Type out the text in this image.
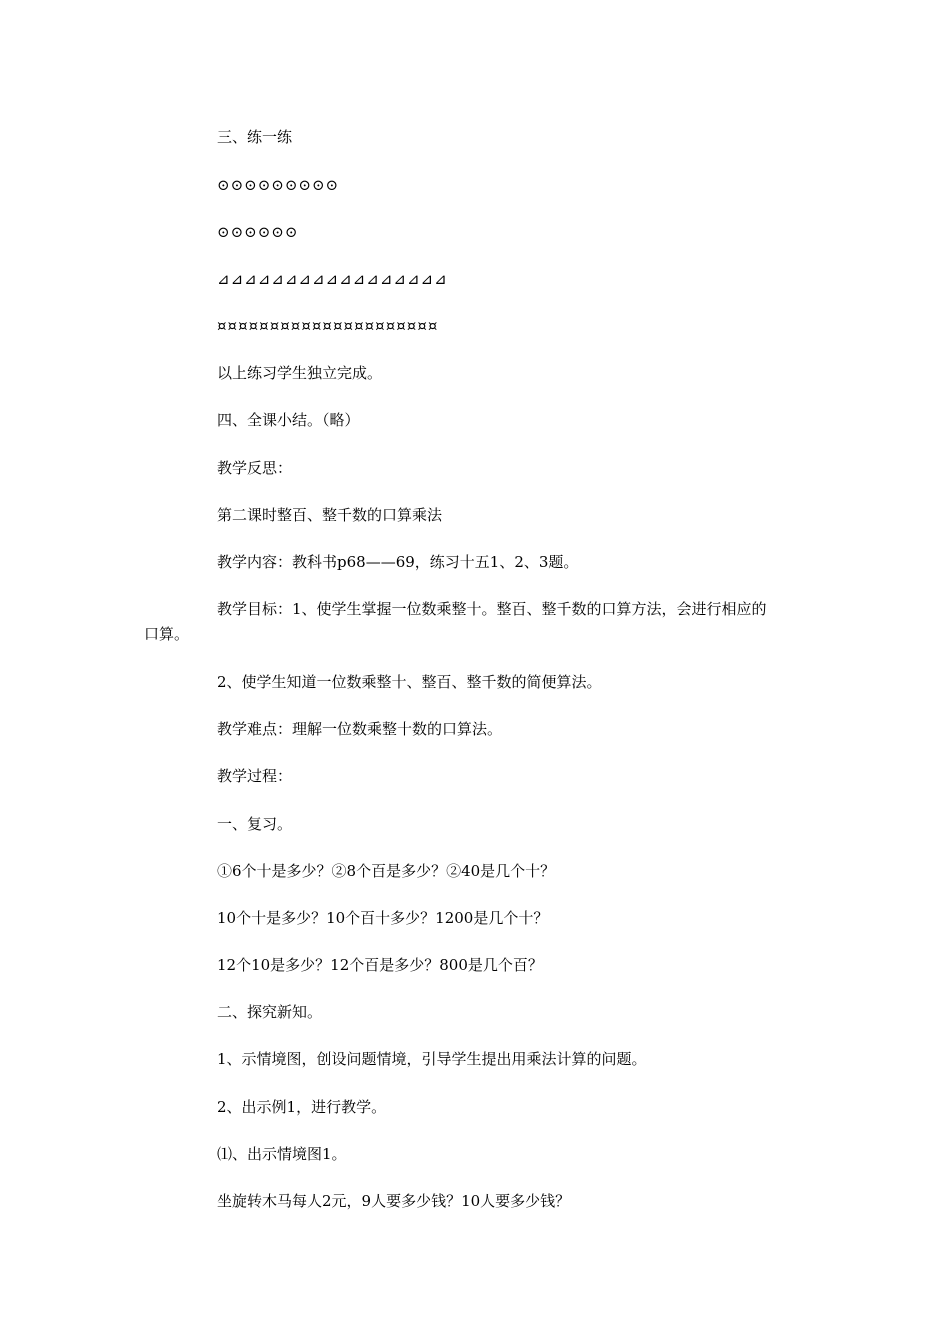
三、练一练
⊙⊙⊙⊙⊙⊙⊙⊙⊙
⊙⊙⊙⊙⊙⊙
⊿⊿⊿⊿⊿⊿⊿⊿⊿⊿⊿⊿⊿⊿⊿⊿⊿
¤¤¤¤¤¤¤¤¤¤¤¤¤¤¤¤¤¤¤¤¤
以上练习学生独立完成。
四、全课小结。（略）
教学反思：
第二课时整百、整千数的口算乘法
教学内容：教科书p68——69，练习十五1、2、3题。
教学目标：1、使学生掌握一位数乘整十。整百、整千数的口算方法，会进行相应的
口算。
2、使学生知道一位数乘整十、整百、整千数的简便算法。
教学难点：理解一位数乘整十数的口算法。
教学过程：
一、复习。
①6个十是多少？②8个百是多少？②40是几个十？
10个十是多少？10个百十多少？1200是几个十？
12个10是多少？12个百是多少？800是几个百？
二、探究新知。
1、示情境图，创设问题情境，引导学生提出用乘法计算的问题。
2、出示例1，进行教学。
⑴、出示情境图1。
坐旋转木马每人2元，9人要多少钱？10人要多少钱？
